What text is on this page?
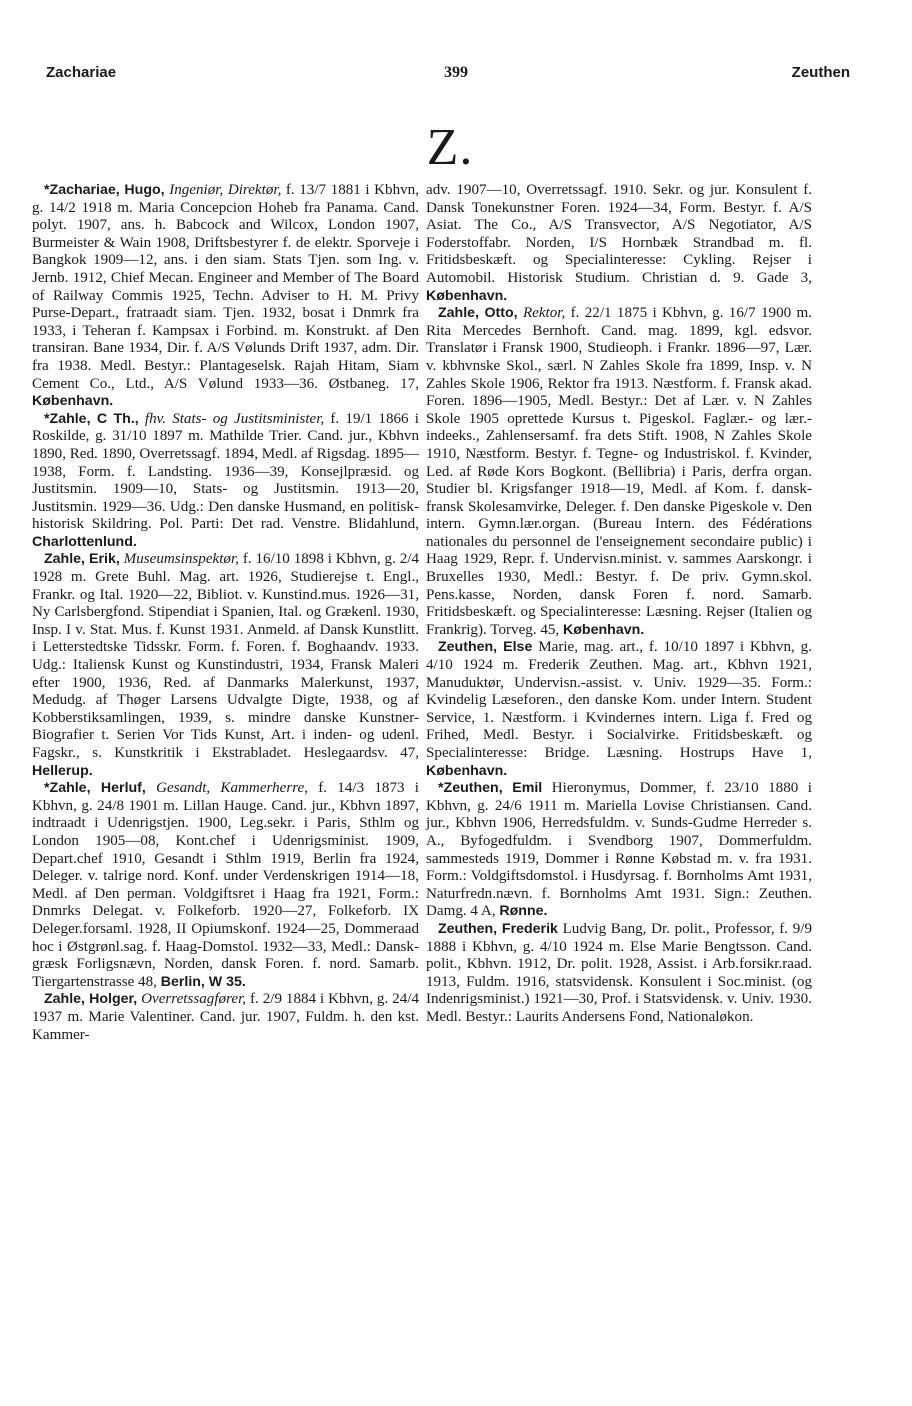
Zachariae	399	Zeuthen
Z.

*Zachariae, Hugo, Ingeniør, Direktør, f. 13/7 1881 i Kbhvn, g. 14/2 1918 m. Maria Concepcion Hoheb fra Panama. Cand. polyt. 1907, ans. h. Babcock and Wilcox, London 1907, Burmeister & Wain 1908, Driftsbestyrer f. de elektr. Sporveje i Bangkok 1909—12, ans. i den siam. Stats Tjen. som Ing. v. Jernb. 1912, Chief Mecan. Engineer and Member of The Board of Railway Commis 1925, Techn. Adviser to H. M. Privy Purse-Depart., fratraadt siam. Tjen. 1932, bosat i Dnmrk fra 1933, i Teheran f. Kampsax i Forbind. m. Konstrukt. af Den transiran. Bane 1934, Dir. f. A/S Vølunds Drift 1937, adm. Dir. fra 1938. Medl. Bestyr.: Plantageselsk. Rajah Hitam, Siam Cement Co., Ltd., A/S Vølund 1933—36. Østbaneg. 17, København.

*Zahle, C Th., fhv. Stats- og Justitsminister, f. 19/1 1866 i Roskilde, g. 31/10 1897 m. Mathilde Trier. Cand. jur., Kbhvn 1890, Red. 1890, Overretssagf. 1894, Medl. af Rigsdag. 1895—1938, Form. f. Landsting. 1936—39, Konsejlpræsid. og Justitsmin. 1909—10, Stats- og Justitsmin. 1913—20, Justitsmin. 1929—36. Udg.: Den danske Husmand, en politisk-historisk Skildring. Pol. Parti: Det rad. Venstre. Blidahlund, Charlottenlund.

Zahle, Erik, Museumsinspektør, f. 16/10 1898 i Kbhvn, g. 2/4 1928 m. Grete Buhl. Mag. art. 1926, Studierejse t. Engl., Frankr. og Ital. 1920—22, Bibliot. v. Kunstind.mus. 1926—31, Ny Carlsbergfond. Stipendiat i Spanien, Ital. og Grækenl. 1930, Insp. I v. Stat. Mus. f. Kunst 1931. Anmeld. af Dansk Kunstlitt. i Letterstedtske Tidsskr. Form. f. Foren. f. Boghaandv. 1933. Udg.: Italiensk Kunst og Kunstindustri, 1934, Fransk Maleri efter 1900, 1936, Red. af Danmarks Malerkunst, 1937, Medudg. af Thøger Larsens Udvalgte Digte, 1938, og af Kobberstiksamlingen, 1939, s. mindre danske Kunstner-Biografier t. Serien Vor Tids Kunst, Art. i inden- og udenl. Fagskr., s. Kunstkritik i Ekstrabladet. Heslegaardsv. 47, Hellerup.

*Zahle, Herluf, Gesandt, Kammerherre, f. 14/3 1873 i Kbhvn, g. 24/8 1901 m. Lillan Hauge. Cand. jur., Kbhvn 1897, indtraadt i Udenrigstjen. 1900, Leg.sekr. i Paris, Sthlm og London 1905—08, Kont.chef i Udenrigsminist. 1909, Depart.chef 1910, Gesandt i Sthlm 1919, Berlin fra 1924, Deleger. v. talrige nord. Konf. under Verdenskrigen 1914—18, Medl. af Den perman. Voldgiftsret i Haag fra 1921, Form.: Dnmrks Delegat. v. Folkeforb. 1920—27, Folkeforb. IX Deleger.forsaml. 1928, II Opiumskonf. 1924—25, Dommeraad hoc i Østgrønl.sag. f. Haag-Domstol. 1932—33, Medl.: Dansk-græsk Forligsnævn, Norden, dansk Foren. f. nord. Samarb. Tiergartenstrasse 48, Berlin, W 35.

Zahle, Holger, Overretssagfører, f. 2/9 1884 i Kbhvn, g. 24/4 1937 m. Marie Valentiner. Cand. jur. 1907, Fuldm. h. den kst. Kammer-

adv. 1907—10, Overretssagf. 1910. Sekr. og jur. Konsulent f. Dansk Tonekunstner Foren. 1924—34, Form. Bestyr. f. A/S Asiat. The Co., A/S Transvector, A/S Negotiator, A/S Foderstoffabr. Norden, I/S Hornbæk Strandbad m. fl. Fritidsbeskæft. og Specialinteresse: Cykling. Rejser i Automobil. Historisk Studium. Christian d. 9. Gade 3, København.

Zahle, Otto, Rektor, f. 22/1 1875 i Kbhvn, g. 16/7 1900 m. Rita Mercedes Bernhoft. Cand. mag. 1899, kgl. edsvor. Translatør i Fransk 1900, Studieoph. i Frankr. 1896—97, Lær. v. kbhvnske Skol., særl. N Zahles Skole fra 1899, Insp. v. N Zahles Skole 1906, Rektor fra 1913. Næstform. f. Fransk akad. Foren. 1896—1905, Medl. Bestyr.: Det af Lær. v. N Zahles Skole 1905 oprettede Kursus t. Pigeskol. Faglær.- og lær.-indeeks., Zahlensersamf. fra dets Stift. 1908, N Zahles Skole 1910, Næstform. Bestyr. f. Tegne- og Industriskol. f. Kvinder, Led. af Røde Kors Bogkont. (Bellibria) i Paris, derfra organ. Studier bl. Krigsfanger 1918—19, Medl. af Kom. f. dansk-fransk Skolesamvirke, Deleger. f. Den danske Pigeskole v. Den intern. Gymn.lær.organ. (Bureau Intern. des Fédérations nationales du personnel de l'enseignement secondaire public) i Haag 1929, Repr. f. Undervisn.minist. v. sammes Aarskongr. i Bruxelles 1930, Medl.: Bestyr. f. De priv. Gymn.skol. Pens.kasse, Norden, dansk Foren f. nord. Samarb. Fritidsbeskæft. og Specialinteresse: Læsning. Rejser (Italien og Frankrig). Torveg. 45, København.

Zeuthen, Else Marie, mag. art., f. 10/10 1897 i Kbhvn, g. 4/10 1924 m. Frederik Zeuthen. Mag. art., Kbhvn 1921, Manuduktør, Undervisn.-assist. v. Univ. 1929—35. Form.: Kvindelig Læseforen., den danske Kom. under Intern. Student Service, 1. Næstform. i Kvindernes intern. Liga f. Fred og Frihed, Medl. Bestyr. i Socialvirke. Fritidsbeskæft. og Specialinteresse: Bridge. Læsning. Hostrups Have 1, København.

*Zeuthen, Emil Hieronymus, Dommer, f. 23/10 1880 i Kbhvn, g. 24/6 1911 m. Mariella Lovise Christiansen. Cand. jur., Kbhvn 1906, Herredsfuldm. v. Sunds-Gudme Herreder s. A., Byfogedfuldm. i Svendborg 1907, Dommerfuldm. sammesteds 1919, Dommer i Rønne Købstad m. v. fra 1931. Form.: Voldgiftsdomstol. i Husdyrsag. f. Bornholms Amt 1931, Naturfredn.nævn. f. Bornholms Amt 1931. Sign.: Zeuthen. Damg. 4 A, Rønne.

Zeuthen, Frederik Ludvig Bang, Dr. polit., Professor, f. 9/9 1888 i Kbhvn, g. 4/10 1924 m. Else Marie Bengtsson. Cand. polit., Kbhvn. 1912, Dr. polit. 1928, Assist. i Arb.forsikr.raad. 1913, Fuldm. 1916, statsvidensk. Konsulent i Soc.minist. (og Indenrigsminist.) 1921—30, Prof. i Statsvidensk. v. Univ. 1930. Medl. Bestyr.: Laurits Andersens Fond, Nationaløkon.
